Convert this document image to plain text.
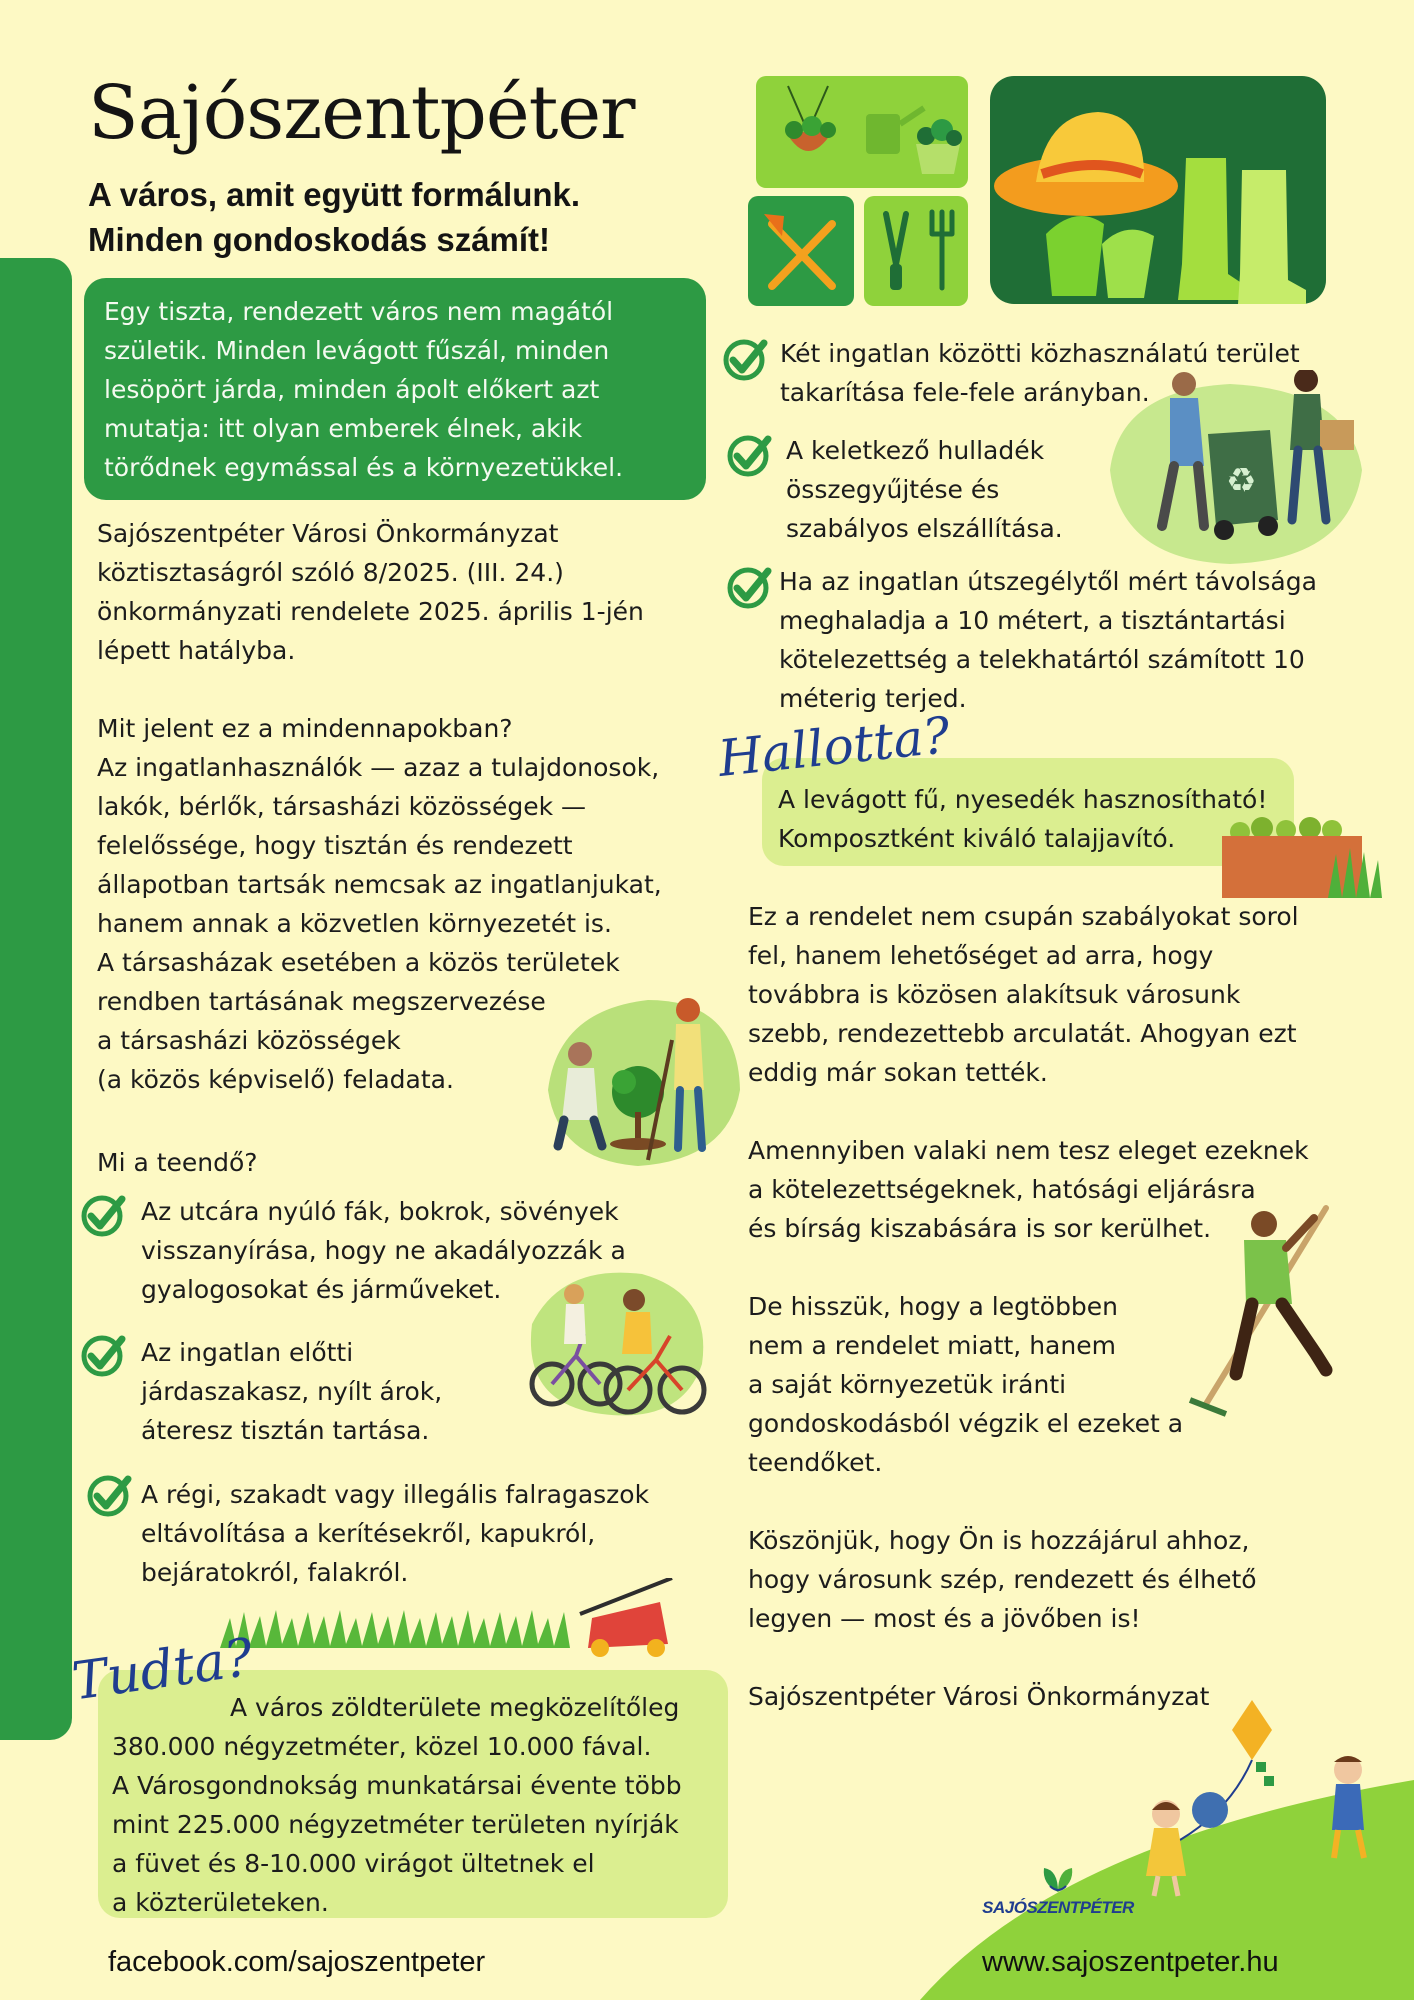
Sajószentpéter
A város, amit együtt formálunk.
Minden gondoskodás számít!
Egy tiszta, rendezett város nem magától
születik. Minden levágott fűszál, minden
lesöpört járda, minden ápolt előkert azt
mutatja: itt olyan emberek élnek, akik
törődnek egymással és a környezetükkel.
Sajószentpéter Városi Önkormányzat
köztisztaságról szóló 8/2025. (III. 24.)
önkormányzati rendelete 2025. április 1-jén
lépett hatályba.
Mit jelent ez a mindennapokban?
Az ingatlanhasználók — azaz a tulajdonosok,
lakók, bérlők, társasházi közösségek —
felelőssége, hogy tisztán és rendezett
állapotban tartsák nemcsak az ingatlanjukat,
hanem annak a közvetlen környezetét is.
A társasházak esetében a közös területek
rendben tartásának megszervezése
a társasházi közösségek
(a közös képviselő) feladata.
Mi a teendő?
Az utcára nyúló fák, bokrok, sövények
visszanyírása, hogy ne akadályozzák a
gyalogosokat és járműveket.
Az ingatlan előtti
járdaszakasz, nyílt árok,
áteresz tisztán tartása.
A régi, szakadt vagy illegális falragaszok
eltávolítása a kerítésekről, kapukról,
bejáratokról, falakról.
A város zöldterülete megközelítőleg
380.000 négyzetméter, közel 10.000 fával.
A Városgondnokság munkatársai évente több
mint 225.000 négyzetméter területen nyírják
a füvet és 8-10.000 virágot ültetnek el
a közterületeken.
Tudta?
Két ingatlan közötti közhasználatú terület
takarítása fele-fele arányban.
♻
A keletkező hulladék
összegyűjtése és
szabályos elszállítása.
Ha az ingatlan útszegélytől mért távolsága
meghaladja a 10 métert, a tisztántartási
kötelezettség a telekhatártól számított 10
méterig terjed.
A levágott fű, nyesedék hasznosítható!
Komposztként kiváló talajjavító.
Hallotta?
Ez a rendelet nem csupán szabályokat sorol
fel, hanem lehetőséget ad arra, hogy
továbbra is közösen alakítsuk városunk
szebb, rendezettebb arculatát. Ahogyan ezt
eddig már sokan tették.
Amennyiben valaki nem tesz eleget ezeknek
a kötelezettségeknek, hatósági eljárásra
és bírság kiszabására is sor kerülhet.
De hisszük, hogy a legtöbben
nem a rendelet miatt, hanem
a saját környezetük iránti
gondoskodásból végzik el ezeket a
teendőket.
Köszönjük, hogy Ön is hozzájárul ahhoz,
hogy városunk szép, rendezett és élhető
legyen — most és a jövőben is!
Sajószentpéter Városi Önkormányzat
SAJÓSZENTPÉTER
facebook.com/sajoszentpeter	www.sajoszentpeter.hu
